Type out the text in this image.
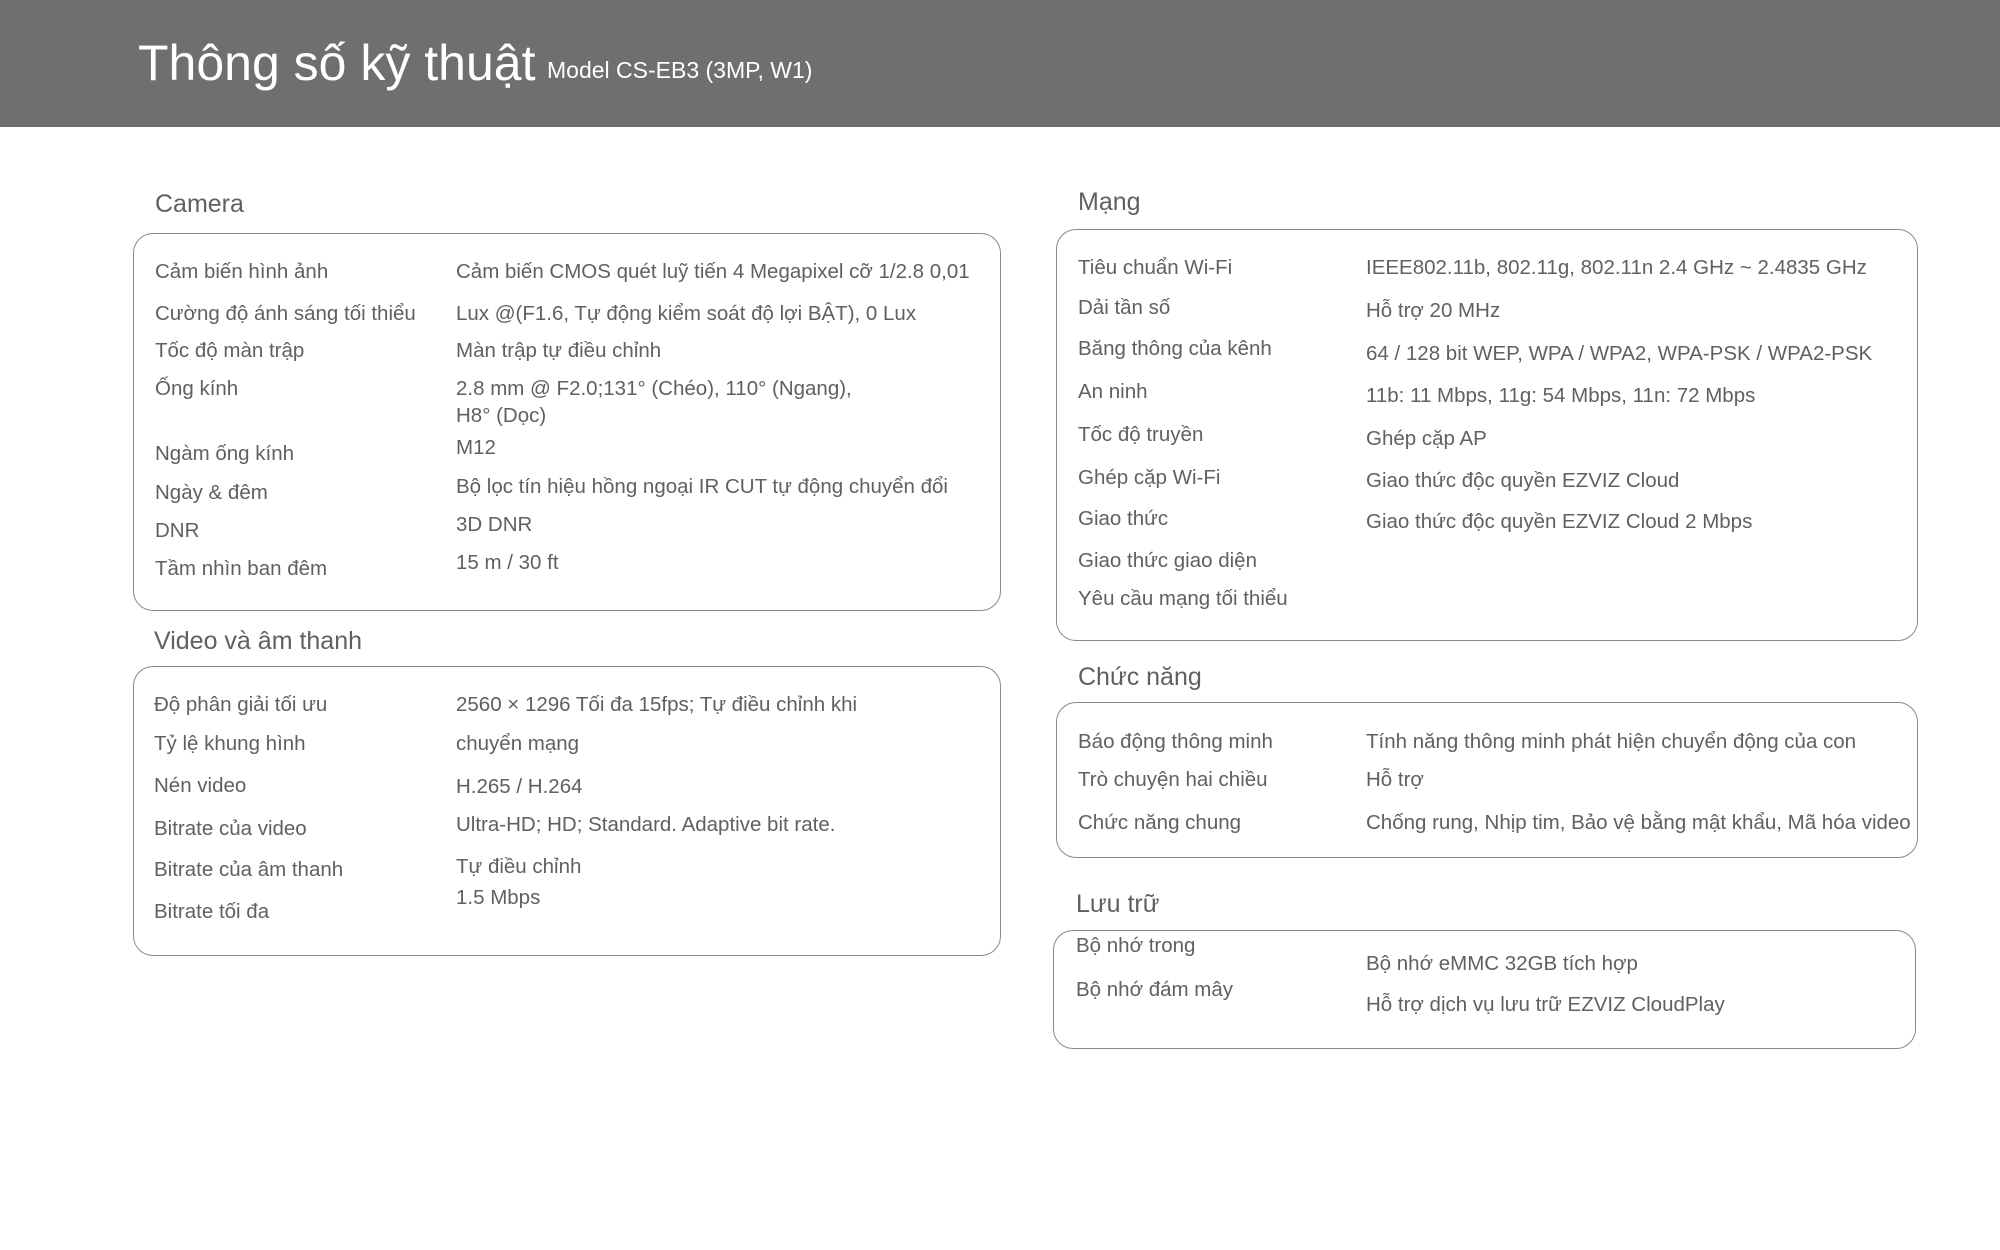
Thông số kỹ thuật Model CS-EB3 (3MP, W1)
Camera
Cảm biến hình ảnh
Cường độ ánh sáng tối thiểu
Tốc độ màn trập
Ống kính
Ngàm ống kính
Ngày & đêm
DNR
Tầm nhìn ban đêm
Cảm biến CMOS quét luỹ tiến 4 Megapixel cỡ 1/2.8 0,01
Lux @(F1.6, Tự động kiểm soát độ lợi BẬT), 0 Lux
Màn trập tự điều chỉnh
2.8 mm @ F2.0;131° (Chéo), 110° (Ngang),
H8° (Dọc)
M12
Bộ lọc tín hiệu hồng ngoại IR CUT tự động chuyển đổi
3D DNR
15 m / 30 ft
Video và âm thanh
Độ phân giải tối ưu
Tỷ lệ khung hình
Nén video
Bitrate của video
Bitrate của âm thanh
Bitrate tối đa
2560 × 1296 Tối đa 15fps; Tự điều chỉnh khi
chuyển mạng
H.265 / H.264
Ultra-HD; HD; Standard. Adaptive bit rate.
Tự điều chỉnh
1.5 Mbps
Mạng
Tiêu chuẩn Wi-Fi
Dải tần số
Băng thông của kênh
An ninh
Tốc độ truyền
Ghép cặp Wi-Fi
Giao thức
Giao thức giao diện
Yêu cầu mạng tối thiểu
IEEE802.11b, 802.11g, 802.11n 2.4 GHz ~ 2.4835 GHz
Hỗ trợ 20 MHz
64 / 128 bit WEP, WPA / WPA2, WPA-PSK / WPA2-PSK
11b: 11 Mbps, 11g: 54 Mbps, 11n: 72 Mbps
Ghép cặp AP
Giao thức độc quyền EZVIZ Cloud
Giao thức độc quyền EZVIZ Cloud 2 Mbps
Chức năng
Báo động thông minh
Trò chuyện hai chiều
Chức năng chung
Tính năng thông minh phát hiện chuyển động của con
Hỗ trợ
Chống rung, Nhịp tim, Bảo vệ bằng mật khẩu, Mã hóa video
Lưu trữ
Bộ nhớ trong
Bộ nhớ đám mây
Bộ nhớ eMMC 32GB tích hợp
Hỗ trợ dịch vụ lưu trữ EZVIZ CloudPlay
